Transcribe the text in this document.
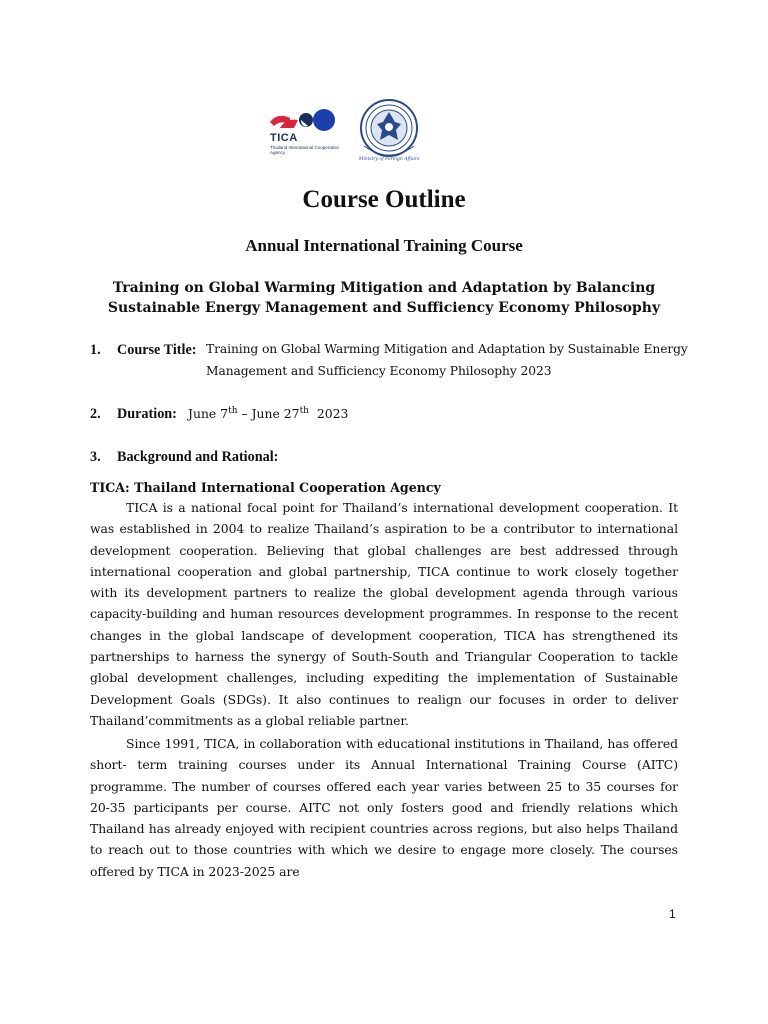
TICA
Thailand International Cooperation Agency
Ministry of Foreign Affairs
Course Outline
Annual International Training Course
Training on Global Warming Mitigation and Adaptation by Balancing
Sustainable Energy Management and Sufficiency Economy Philosophy
1. Course Title: Training on Global Warming Mitigation and Adaptation by Sustainable Energy
Management and Sufficiency Economy Philosophy 2023
2. Duration: June 7th – June 27th 2023
3. Background and Rational:
TICA: Thailand International Cooperation Agency

TICA is a national focal point for Thailand’s international development cooperation. It was established in 2004 to realize Thailand’s aspiration to be a contributor to international development cooperation. Believing that global challenges are best addressed through international cooperation and global partnership, TICA continue to work closely together with its development partners to realize the global development agenda through various capacity-building and human resources development programmes. In response to the recent changes in the global landscape of development cooperation, TICA has strengthened its partnerships to harness the synergy of South-South and Triangular Cooperation to tackle global development challenges, including expediting the implementation of Sustainable Development Goals (SDGs). It also continues to realign our focuses in order to deliver Thailand’commitments as a global reliable partner.

Since 1991, TICA, in collaboration with educational institutions in Thailand, has offered short- term training courses under its Annual International Training Course (AITC) programme. The number of courses offered each year varies between 25 to 35 courses for 20-35 participants per course. AITC not only fosters good and friendly relations which Thailand has already enjoyed with recipient countries across regions, but also helps Thailand to reach out to those countries with which we desire to engage more closely. The courses offered by TICA in 2023-2025 are

1
